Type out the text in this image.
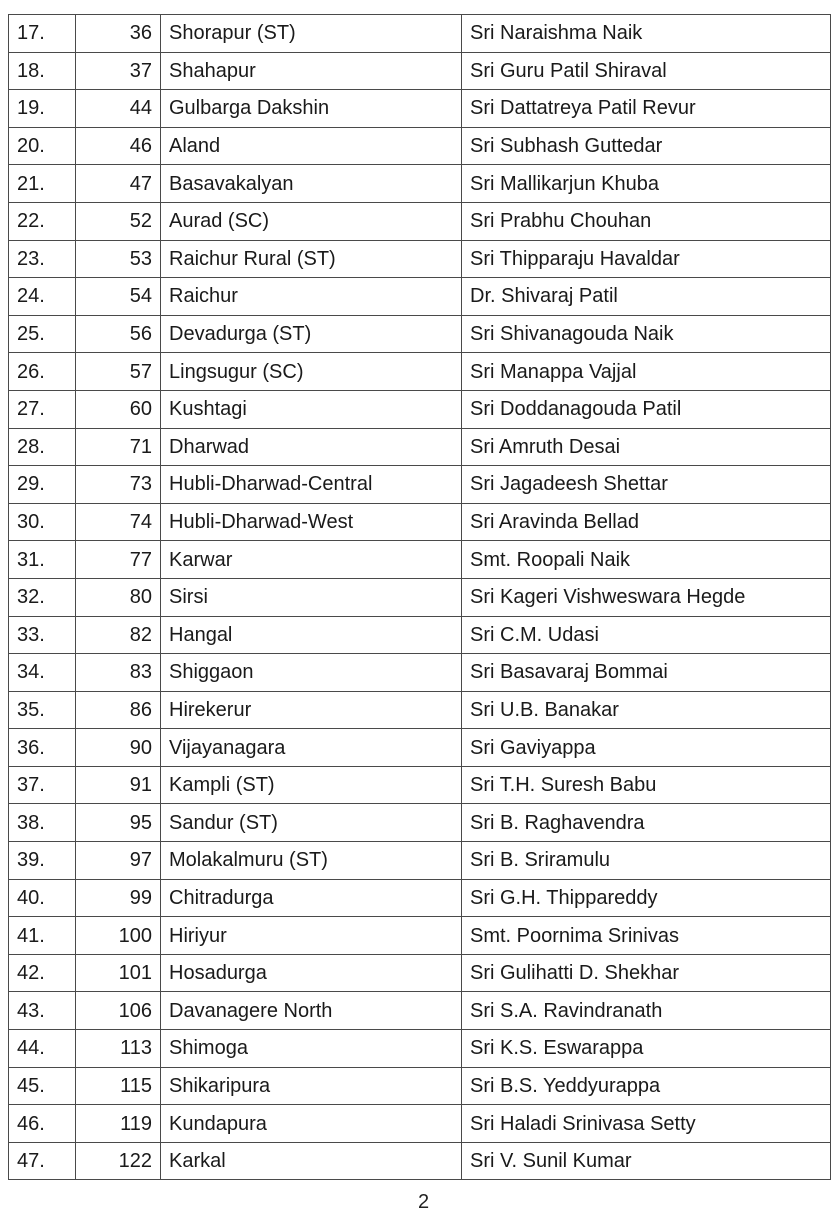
17.	36	Shorapur (ST)	Sri Naraishma Naik
18.	37	Shahapur	Sri Guru Patil Shiraval
19.	44	Gulbarga Dakshin	Sri Dattatreya Patil Revur
20.	46	Aland	Sri Subhash Guttedar
21.	47	Basavakalyan	Sri Mallikarjun Khuba
22.	52	Aurad (SC)	Sri Prabhu Chouhan
23.	53	Raichur Rural (ST)	Sri Thipparaju Havaldar
24.	54	Raichur	Dr. Shivaraj Patil
25.	56	Devadurga (ST)	Sri Shivanagouda Naik
26.	57	Lingsugur (SC)	Sri Manappa Vajjal
27.	60	Kushtagi	Sri Doddanagouda Patil
28.	71	Dharwad	Sri Amruth Desai
29.	73	Hubli-Dharwad-Central	Sri Jagadeesh Shettar
30.	74	Hubli-Dharwad-West	Sri Aravinda Bellad
31.	77	Karwar	Smt. Roopali Naik
32.	80	Sirsi	Sri Kageri Vishweswara Hegde
33.	82	Hangal	Sri C.M. Udasi
34.	83	Shiggaon	Sri Basavaraj Bommai
35.	86	Hirekerur	Sri U.B. Banakar
36.	90	Vijayanagara	Sri Gaviyappa
37.	91	Kampli (ST)	Sri T.H. Suresh Babu
38.	95	Sandur (ST)	Sri B. Raghavendra
39.	97	Molakalmuru (ST)	Sri B. Sriramulu
40.	99	Chitradurga	Sri G.H. Thippareddy
41.	100	Hiriyur	Smt. Poornima Srinivas
42.	101	Hosadurga	Sri Gulihatti D. Shekhar
43.	106	Davanagere North	Sri S.A. Ravindranath
44.	113	Shimoga	Sri K.S. Eswarappa
45.	115	Shikaripura	Sri B.S. Yeddyurappa
46.	119	Kundapura	Sri Haladi Srinivasa Setty
47.	122	Karkal	Sri V. Sunil Kumar
2
